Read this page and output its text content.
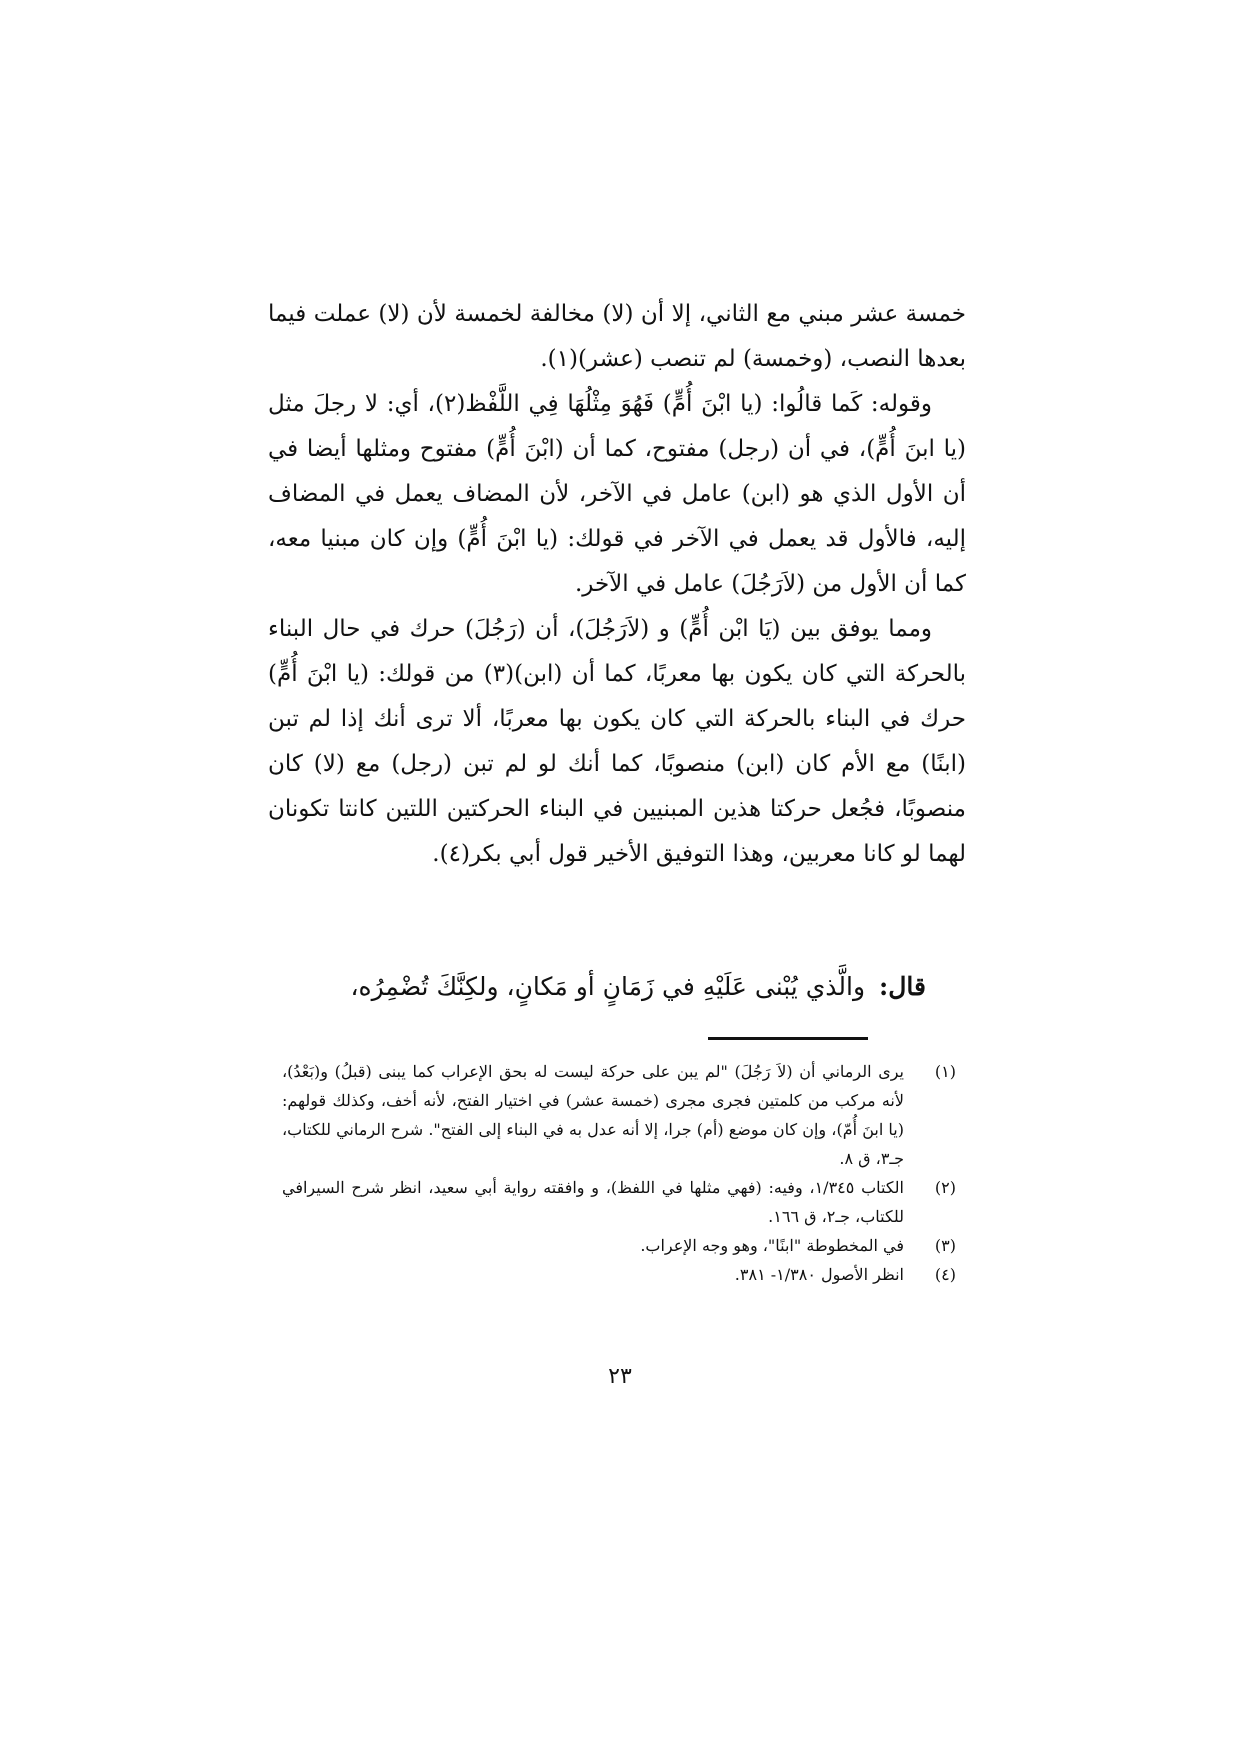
خمسة عشر مبني مع الثاني، إلا أن (لا) مخالفة لخمسة لأن (لا) عملت فيما بعدها النصب، (وخمسة) لم تنصب (عشر)(١).

وقوله: كَما قالُوا: (يا ابْنَ أُمٍّ) فَهُوَ مِثْلُهَا فِي اللَّفْظ(٢)، أي: لا رجلَ مثل (يا ابنَ أُمٍّ)، في أن (رجل) مفتوح، كما أن (ابْنَ أُمٍّ) مفتوح ومثلها أيضا في أن الأول الذي هو (ابن) عامل في الآخر، لأن المضاف يعمل في المضاف إليه، فالأول قد يعمل في الآخر في قولك: (يا ابْنَ أُمٍّ) وإن كان مبنيا معه، كما أن الأول من (لاَرَجُلَ) عامل في الآخر.

ومما يوفق بين (يَا ابْن أُمٍّ) و (لاَرَجُلَ)، أن (رَجُلَ) حرك في حال البناء بالحركة التي كان يكون بها معربًا، كما أن (ابن)(٣) من قولك: (يا ابْنَ أُمٍّ) حرك في البناء بالحركة التي كان يكون بها معربًا، ألا ترى أنك إذا لم تبن (ابنًا) مع الأم كان (ابن) منصوبًا، كما أنك لو لم تبن (رجل) مع (لا) كان منصوبًا، فجُعل حركتا هذين المبنيين في البناء الحركتين اللتين كانتا تكونان لهما لو كانا معربين، وهذا التوفيق الأخير قول أبي بكر(٤).

قال:والَّذي يُبْنى عَلَيْهِ في زَمَانٍ أو مَكانٍ، ولكِنَّكَ تُضْمِرُه،
(١)
يرى الرماني أن (لاَ رَجُلَ) "لم يبن على حركة ليست له بحق الإعراب كما يبنى (قبلُ) و(بَعْدُ)، لأنه مركب من كلمتين فجرى مجرى (خمسة عشر) في اختيار الفتح، لأنه أخف، وكذلك قولهم: (يا ابنَ أُمّ)، وإن كان موضع (أم) جرا، إلا أنه عدل به في البناء إلى الفتح". شرح الرماني للكتاب، جـ٣، ق ٨.
(٢)
الكتاب ١/٣٤٥، وفيه: (فهي مثلها في اللفظ)، و وافقته رواية أبي سعيد، انظر شرح السيرافي للكتاب، جـ٢، ق ١٦٦.
(٣)
في المخطوطة "ابنًا"، وهو وجه الإعراب.
(٤)
انظر الأصول ١/٣٨٠- ٣٨١.
٢٣
